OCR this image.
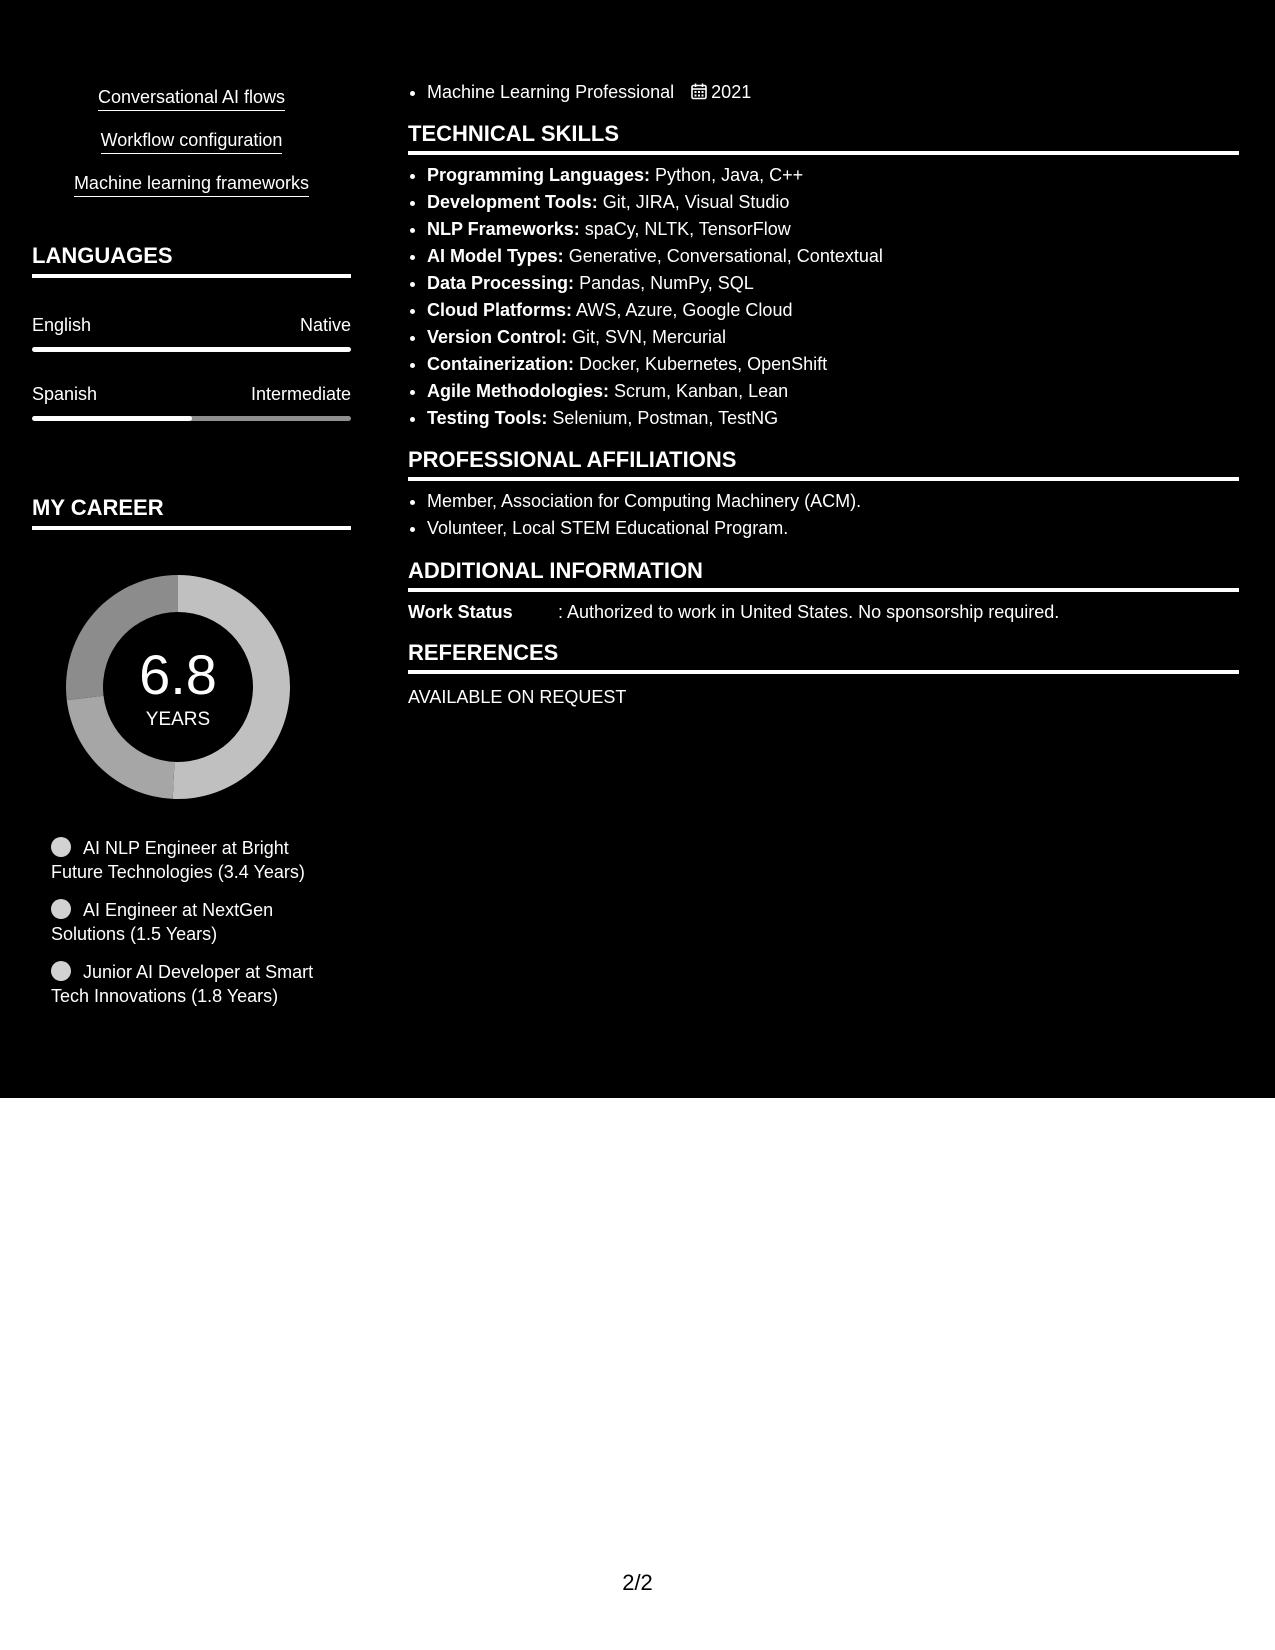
Conversational AI flows
Workflow configuration
Machine learning frameworks
LANGUAGES
English	Native
Spanish	Intermediate
MY CAREER
6.8
YEARS
AI NLP Engineer at Bright Future Technologies (3.4 Years)
AI Engineer at NextGen Solutions (1.5 Years)
Junior AI Developer at Smart Tech Innovations (1.8 Years)
• Machine Learning Professional 2021
TECHNICAL SKILLS
• Programming Languages: Python, Java, C++
• Development Tools: Git, JIRA, Visual Studio
• NLP Frameworks: spaCy, NLTK, TensorFlow
• AI Model Types: Generative, Conversational, Contextual
• Data Processing: Pandas, NumPy, SQL
• Cloud Platforms: AWS, Azure, Google Cloud
• Version Control: Git, SVN, Mercurial
• Containerization: Docker, Kubernetes, OpenShift
• Agile Methodologies: Scrum, Kanban, Lean
• Testing Tools: Selenium, Postman, TestNG
PROFESSIONAL AFFILIATIONS
• Member, Association for Computing Machinery (ACM).
• Volunteer, Local STEM Educational Program.
ADDITIONAL INFORMATION
Work Status	: Authorized to work in United States. No sponsorship required.
REFERENCES
AVAILABLE ON REQUEST
2/2
